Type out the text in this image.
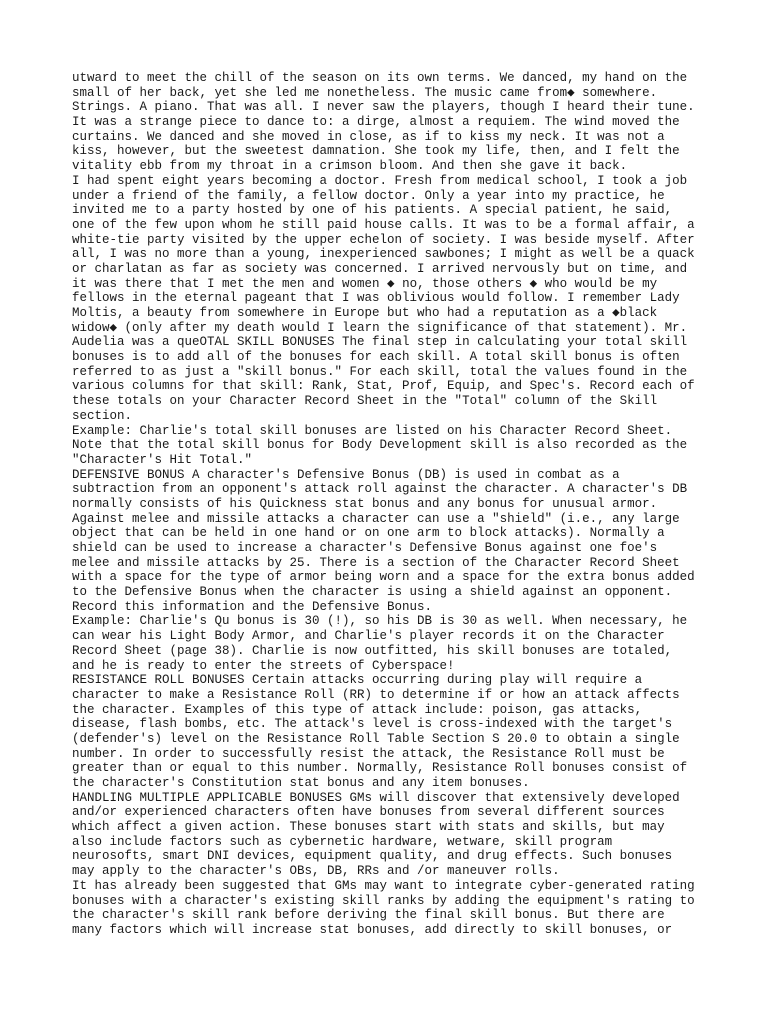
utward to meet the chill of the season on its own terms. We danced, my hand on the
small of her back, yet she led me nonetheless. The music came from◆ somewhere.
Strings. A piano. That was all. I never saw the players, though I heard their tune.
It was a strange piece to dance to: a dirge, almost a requiem. The wind moved the
curtains. We danced and she moved in close, as if to kiss my neck. It was not a
kiss, however, but the sweetest damnation. She took my life, then, and I felt the
vitality ebb from my throat in a crimson bloom. And then she gave it back.
I had spent eight years becoming a doctor. Fresh from medical school, I took a job
under a friend of the family, a fellow doctor. Only a year into my practice, he
invited me to a party hosted by one of his patients. A special patient, he said,
one of the few upon whom he still paid house calls. It was to be a formal affair, a
white-tie party visited by the upper echelon of society. I was beside myself. After
all, I was no more than a young, inexperienced sawbones; I might as well be a quack
or charlatan as far as society was concerned. I arrived nervously but on time, and
it was there that I met the men and women ◆ no, those others ◆ who would be my
fellows in the eternal pageant that I was oblivious would follow. I remember Lady
Moltis, a beauty from somewhere in Europe but who had a reputation as a ◆black
widow◆ (only after my death would I learn the significance of that statement). Mr.
Audelia was a queOTAL SKILL BONUSES The final step in calculating your total skill
bonuses is to add all of the bonuses for each skill. A total skill bonus is often
referred to as just a "skill bonus." For each skill, total the values found in the
various columns for that skill: Rank, Stat, Prof, Equip, and Spec's. Record each of
these totals on your Character Record Sheet in the "Total" column of the Skill
section.
Example: Charlie's total skill bonuses are listed on his Character Record Sheet.
Note that the total skill bonus for Body Development skill is also recorded as the
"Character's Hit Total."
DEFENSIVE BONUS A character's Defensive Bonus (DB) is used in combat as a
subtraction from an opponent's attack roll against the character. A character's DB
normally consists of his Quickness stat bonus and any bonus for unusual armor.
Against melee and missile attacks a character can use a "shield" (i.e., any large
object that can be held in one hand or on one arm to block attacks). Normally a
shield can be used to increase a character's Defensive Bonus against one foe's
melee and missile attacks by 25. There is a section of the Character Record Sheet
with a space for the type of armor being worn and a space for the extra bonus added
to the Defensive Bonus when the character is using a shield against an opponent.
Record this information and the Defensive Bonus.
Example: Charlie's Qu bonus is 30 (!), so his DB is 30 as well. When necessary, he
can wear his Light Body Armor, and Charlie's player records it on the Character
Record Sheet (page 38). Charlie is now outfitted, his skill bonuses are totaled,
and he is ready to enter the streets of Cyberspace!
RESISTANCE ROLL BONUSES Certain attacks occurring during play will require a
character to make a Resistance Roll (RR) to determine if or how an attack affects
the character. Examples of this type of attack include: poison, gas attacks,
disease, flash bombs, etc. The attack's level is cross-indexed with the target's
(defender's) level on the Resistance Roll Table Section S 20.0 to obtain a single
number. In order to successfully resist the attack, the Resistance Roll must be
greater than or equal to this number. Normally, Resistance Roll bonuses consist of
the character's Constitution stat bonus and any item bonuses.
HANDLING MULTIPLE APPLICABLE BONUSES GMs will discover that extensively developed
and/or experienced characters often have bonuses from several different sources
which affect a given action. These bonuses start with stats and skills, but may
also include factors such as cybernetic hardware, wetware, skill program
neurosofts, smart DNI devices, equipment quality, and drug effects. Such bonuses
may apply to the character's OBs, DB, RRs and /or maneuver rolls.
It has already been suggested that GMs may want to integrate cyber-generated rating
bonuses with a character's existing skill ranks by adding the equipment's rating to
the character's skill rank before deriving the final skill bonus. But there are
many factors which will increase stat bonuses, add directly to skill bonuses, or
